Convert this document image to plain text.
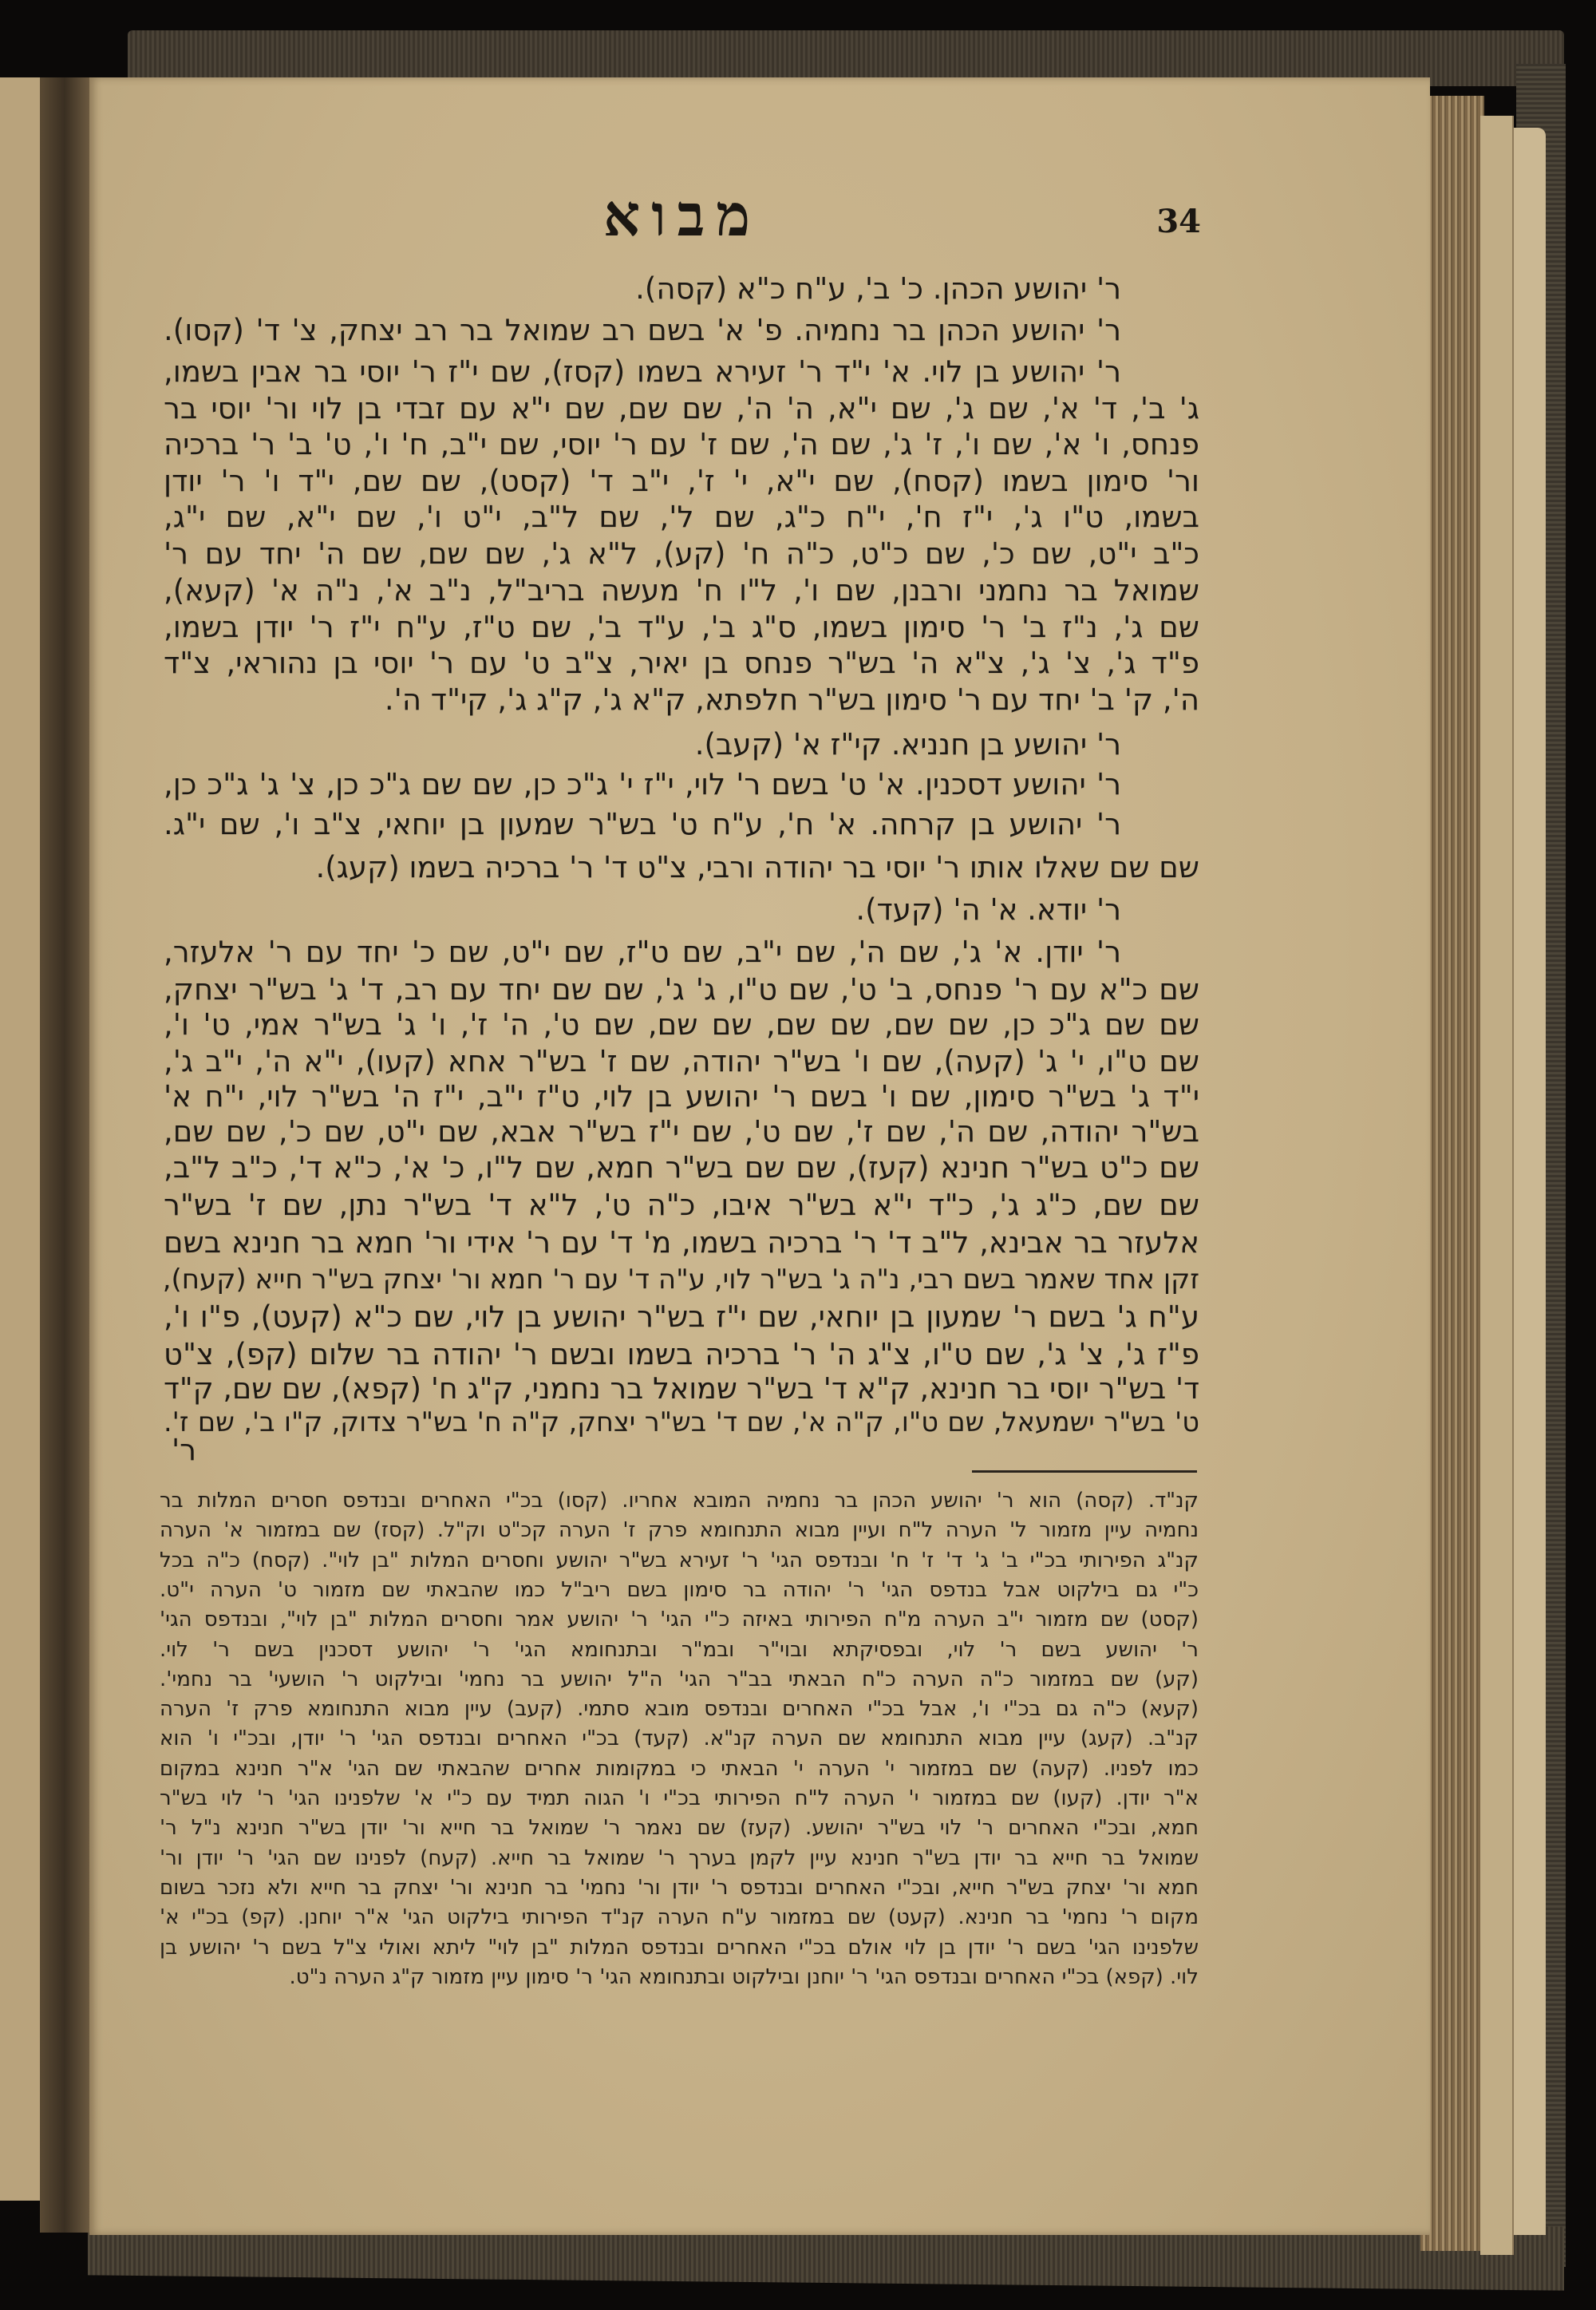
מבוא	34
ר' יהושע הכהן. כ' ב', ע"ח כ"א (קסה).
ר' יהושע הכהן בר נחמיה. פ' א' בשם רב שמואל בר רב יצחק, צ' ד' (קסו).
ר' יהושע בן לוי. א' י"ד ר' זעירא בשמו (קסז), שם י"ז ר' יוסי בר אבין בשמו,
ג' ב', ד' א', שם ג', שם י"א, ה' ה', שם שם, שם י"א עם זבדי בן לוי ור' יוסי בר
פנחס, ו' א', שם ו', ז' ג', שם ה', שם ז' עם ר' יוסי, שם י"ב, ח' ו', ט' ב' ר' ברכיה
ור' סימון בשמו (קסח), שם י"א, י' ז', י"ב ד' (קסט), שם שם, י"ד ו' ר' יודן
בשמו, ט"ו ג', י"ז ח', י"ח כ"ג, שם ל', שם ל"ב, י"ט ו', שם י"א, שם י"ג,
כ"ב י"ט, שם כ', שם כ"ט, כ"ה ח' (קע), ל"א ג', שם שם, שם ה' יחד עם ר'
שמואל בר נחמני ורבנן, שם ו', ל"ו ח' מעשה בריב"ל, נ"ב א', נ"ה א' (קעא),
שם ג', נ"ז ב' ר' סימון בשמו, ס"ג ב', ע"ד ב', שם ט"ז, ע"ח י"ז ר' יודן בשמו,
פ"ד ג', צ' ג', צ"א ה' בש"ר פנחס בן יאיר, צ"ב ט' עם ר' יוסי בן נהוראי, צ"ד
ה', ק' ב' יחד עם ר' סימון בש"ר חלפתא, ק"א ג', ק"ג ג', קי"ד ה'.
ר' יהושע בן חנניא. קי"ז א' (קעב).
ר' יהושע דסכנין. א' ט' בשם ר' לוי, י"ז י' ג"כ כן, שם שם ג"כ כן, צ' ג' ג"כ כן,
ר' יהושע בן קרחה. א' ח', ע"ח ט' בש"ר שמעון בן יוחאי, צ"ב ו', שם י"ג.
שם שם שאלו אותו ר' יוסי בר יהודה ורבי, צ"ט ד' ר' ברכיה בשמו (קעג).
ר' יודא. א' ה' (קעד).
ר' יודן. א' ג', שם ה', שם י"ב, שם ט"ז, שם י"ט, שם כ' יחד עם ר' אלעזר,
שם כ"א עם ר' פנחס, ב' ט', שם ט"ו, ג' ג', שם שם יחד עם רב, ד' ג' בש"ר יצחק,
שם שם ג"כ כן, שם שם, שם שם, שם שם, שם ט', ה' ז', ו' ג' בש"ר אמי, ט' ו',
שם ט"ו, י' ג' (קעה), שם ו' בש"ר יהודה, שם ז' בש"ר אחא (קעו), י"א ה', י"ב ג',
י"ד ג' בש"ר סימון, שם ו' בשם ר' יהושע בן לוי, ט"ז י"ב, י"ז ה' בש"ר לוי, י"ח א'
בש"ר יהודה, שם ה', שם ז', שם ט', שם י"ז בש"ר אבא, שם י"ט, שם כ', שם שם,
שם כ"ט בש"ר חנינא (קעז), שם שם בש"ר חמא, שם ל"ו, כ' א', כ"א ד', כ"ב ל"ב,
שם שם, כ"ג ג', כ"ד י"א בש"ר איבו, כ"ה ט', ל"א ד' בש"ר נתן, שם ז' בש"ר
אלעזר בר אבינא, ל"ב ד' ר' ברכיה בשמו, מ' ד' עם ר' אידי ור' חמא בר חנינא בשם
זקן אחד שאמר בשם רבי, נ"ה ג' בש"ר לוי, ע"ה ד' עם ר' חמא ור' יצחק בש"ר חייא (קעח),
ע"ח ג' בשם ר' שמעון בן יוחאי, שם י"ז בש"ר יהושע בן לוי, שם כ"א (קעט), פ"ו ו',
פ"ז ג', צ' ג', שם ט"ו, צ"ג ה' ר' ברכיה בשמו ובשם ר' יהודה בר שלום (קפ), צ"ט
ד' בש"ר יוסי בר חנינא, ק"א ד' בש"ר שמואל בר נחמני, ק"ג ח' (קפא), שם שם, ק"ד
ט' בש"ר ישמעאל, שם ט"ו, ק"ה א', שם ד' בש"ר יצחק, ק"ה ח' בש"ר צדוק, ק"ו ב', שם ז'.
ר'
קנ"ד. (קסה) הוא ר' יהושע הכהן בר נחמיה המובא אחריו. (קסו) בכ"י האחרים ובנדפס חסרים המלות בר
נחמיה עיין מזמור ל' הערה ל"ח ועיין מבוא התנחומא פרק ז' הערה קכ"ט וק"ל. (קסז) שם במזמור א' הערה
קנ"ג הפירותי בכ"י ב' ג' ד' ז' ח' ובנדפס הגי' ר' זעירא בש"ר יהושע וחסרים המלות "בן לוי". (קסח) כ"ה בכל
כ"י גם בילקוט אבל בנדפס הגי' ר' יהודה בר סימון בשם ריב"ל כמו שהבאתי שם מזמור ט' הערה י"ט.
(קסט) שם מזמור י"ב הערה מ"ח הפירותי באיזה כ"י הגי' ר' יהושע אמר וחסרים המלות "בן לוי", ובנדפס הגי'
ר' יהושע בשם ר' לוי, ובפסיקתא ובוי"ר ובמ"ר ובתנחומא הגי' ר' יהושע דסכנין בשם ר' לוי.
(קע) שם במזמור כ"ה הערה כ"ח הבאתי בב"ר הגי' ה"ל יהושע בר נחמי' ובילקוט ר' הושעי' בר נחמי'.
(קעא) כ"ה גם בכ"י ו', אבל בכ"י האחרים ובנדפס מובא סתמי. (קעב) עיין מבוא התנחומא פרק ז' הערה
קנ"ב. (קעג) עיין מבוא התנחומא שם הערה קנ"א. (קעד) בכ"י האחרים ובנדפס הגי' ר' יודן, ובכ"י ו' הוא
כמו לפניו. (קעה) שם במזמור י' הערה י' הבאתי כי במקומות אחרים שהבאתי שם הגי' א"ר חנינא במקום
א"ר יודן. (קעו) שם במזמור י' הערה ל"ח הפירותי בכ"י ו' הגוה תמיד עם כ"י א' שלפנינו הגי' ר' לוי בש"ר
חמא, ובכ"י האחרים ר' לוי בש"ר יהושע. (קעז) שם נאמר ר' שמואל בר חייא ור' יודן בש"ר חנינא נ"ל ר'
שמואל בר חייא בר יודן בש"ר חנינא עיין לקמן בערך ר' שמואל בר חייא. (קעח) לפנינו שם הגי' ר' יודן ור'
חמא ור' יצחק בש"ר חייא, ובכ"י האחרים ובנדפס ר' יודן ור' נחמי' בר חנינא ור' יצחק בר חייא ולא נזכר בשום
מקום ר' נחמי' בר חנינא. (קעט) שם במזמור ע"ח הערה קנ"ד הפירותי בילקוט הגי' א"ר יוחנן. (קפ) בכ"י א'
שלפנינו הגי' בשם ר' יודן בן לוי אולם בכ"י האחרים ובנדפס המלות "בן לוי" ליתא ואולי צ"ל בשם ר' יהושע בן
לוי. (קפא) בכ"י האחרים ובנדפס הגי' ר' יוחנן ובילקוט ובתנחומא הגי' ר' סימון עיין מזמור ק"ג הערה נ"ט.
